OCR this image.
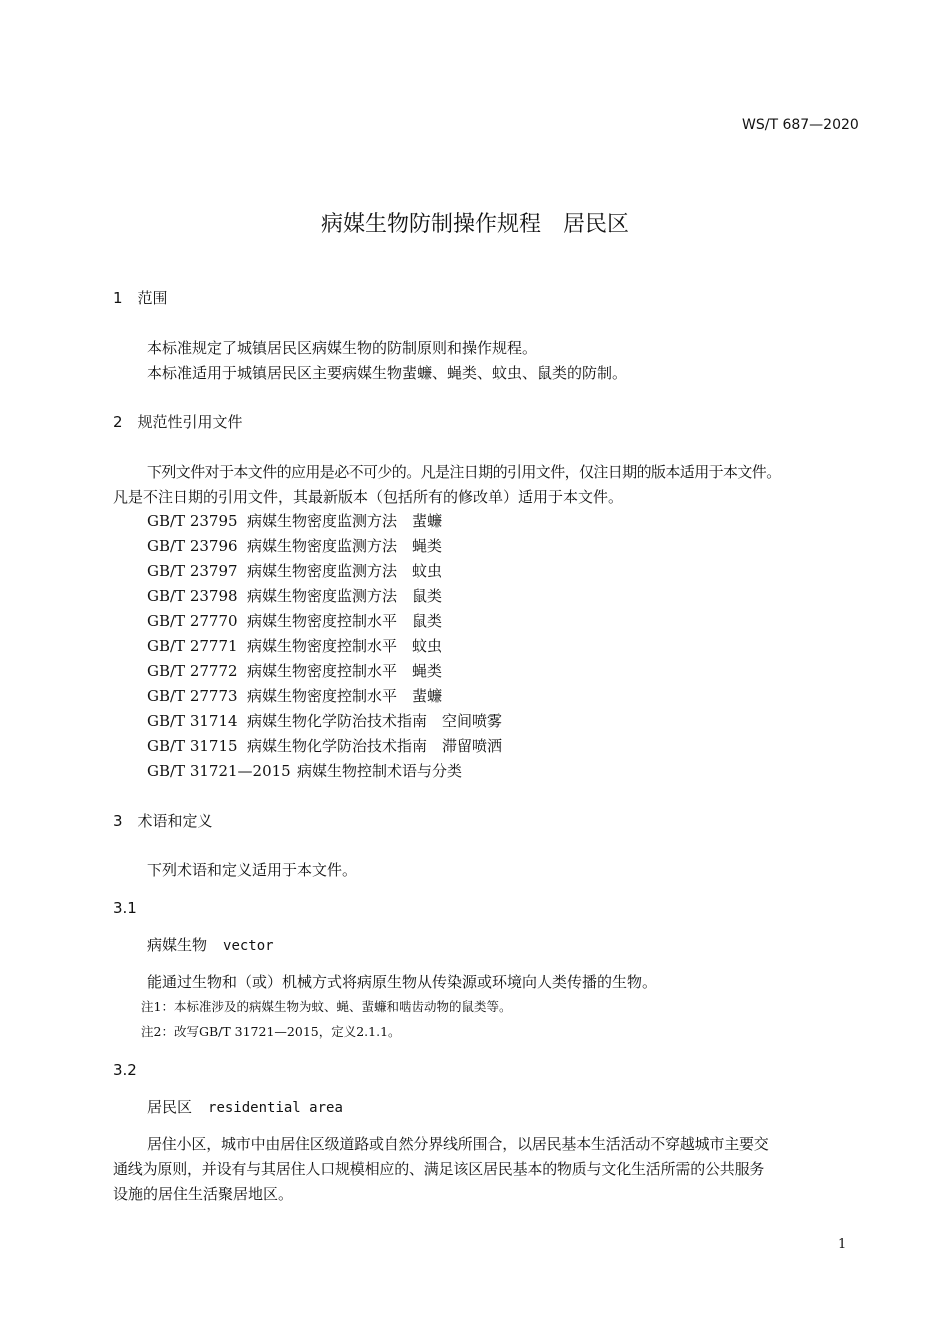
WS/T 687—2020
病媒生物防制操作规程　居民区
1　范围
本标准规定了城镇居民区病媒生物的防制原则和操作规程。
本标准适用于城镇居民区主要病媒生物蜚蠊、蝇类、蚊虫、鼠类的防制。
2　规范性引用文件
下列文件对于本文件的应用是必不可少的。凡是注日期的引用文件，仅注日期的版本适用于本文件。
凡是不注日期的引用文件，其最新版本（包括所有的修改单）适用于本文件。
GB/T 23795 病媒生物密度监测方法　蜚蠊
GB/T 23796 病媒生物密度监测方法　蝇类
GB/T 23797 病媒生物密度监测方法　蚊虫
GB/T 23798 病媒生物密度监测方法　鼠类
GB/T 27770 病媒生物密度控制水平　鼠类
GB/T 27771 病媒生物密度控制水平　蚊虫
GB/T 27772 病媒生物密度控制水平　蝇类
GB/T 27773 病媒生物密度控制水平　蜚蠊
GB/T 31714 病媒生物化学防治技术指南　空间喷雾
GB/T 31715 病媒生物化学防治技术指南　滞留喷洒
GB/T 31721—2015 病媒生物控制术语与分类
3　术语和定义
下列术语和定义适用于本文件。
3.1
病媒生物 vector
能通过生物和（或）机械方式将病原生物从传染源或环境向人类传播的生物。
注1：本标准涉及的病媒生物为蚊、蝇、蜚蠊和啮齿动物的鼠类等。
注2：改写GB/T 31721—2015，定义2.1.1。
3.2
居民区 residential area
居住小区，城市中由居住区级道路或自然分界线所围合，以居民基本生活活动不穿越城市主要交
通线为原则，并设有与其居住人口规模相应的、满足该区居民基本的物质与文化生活所需的公共服务
设施的居住生活聚居地区。
1
